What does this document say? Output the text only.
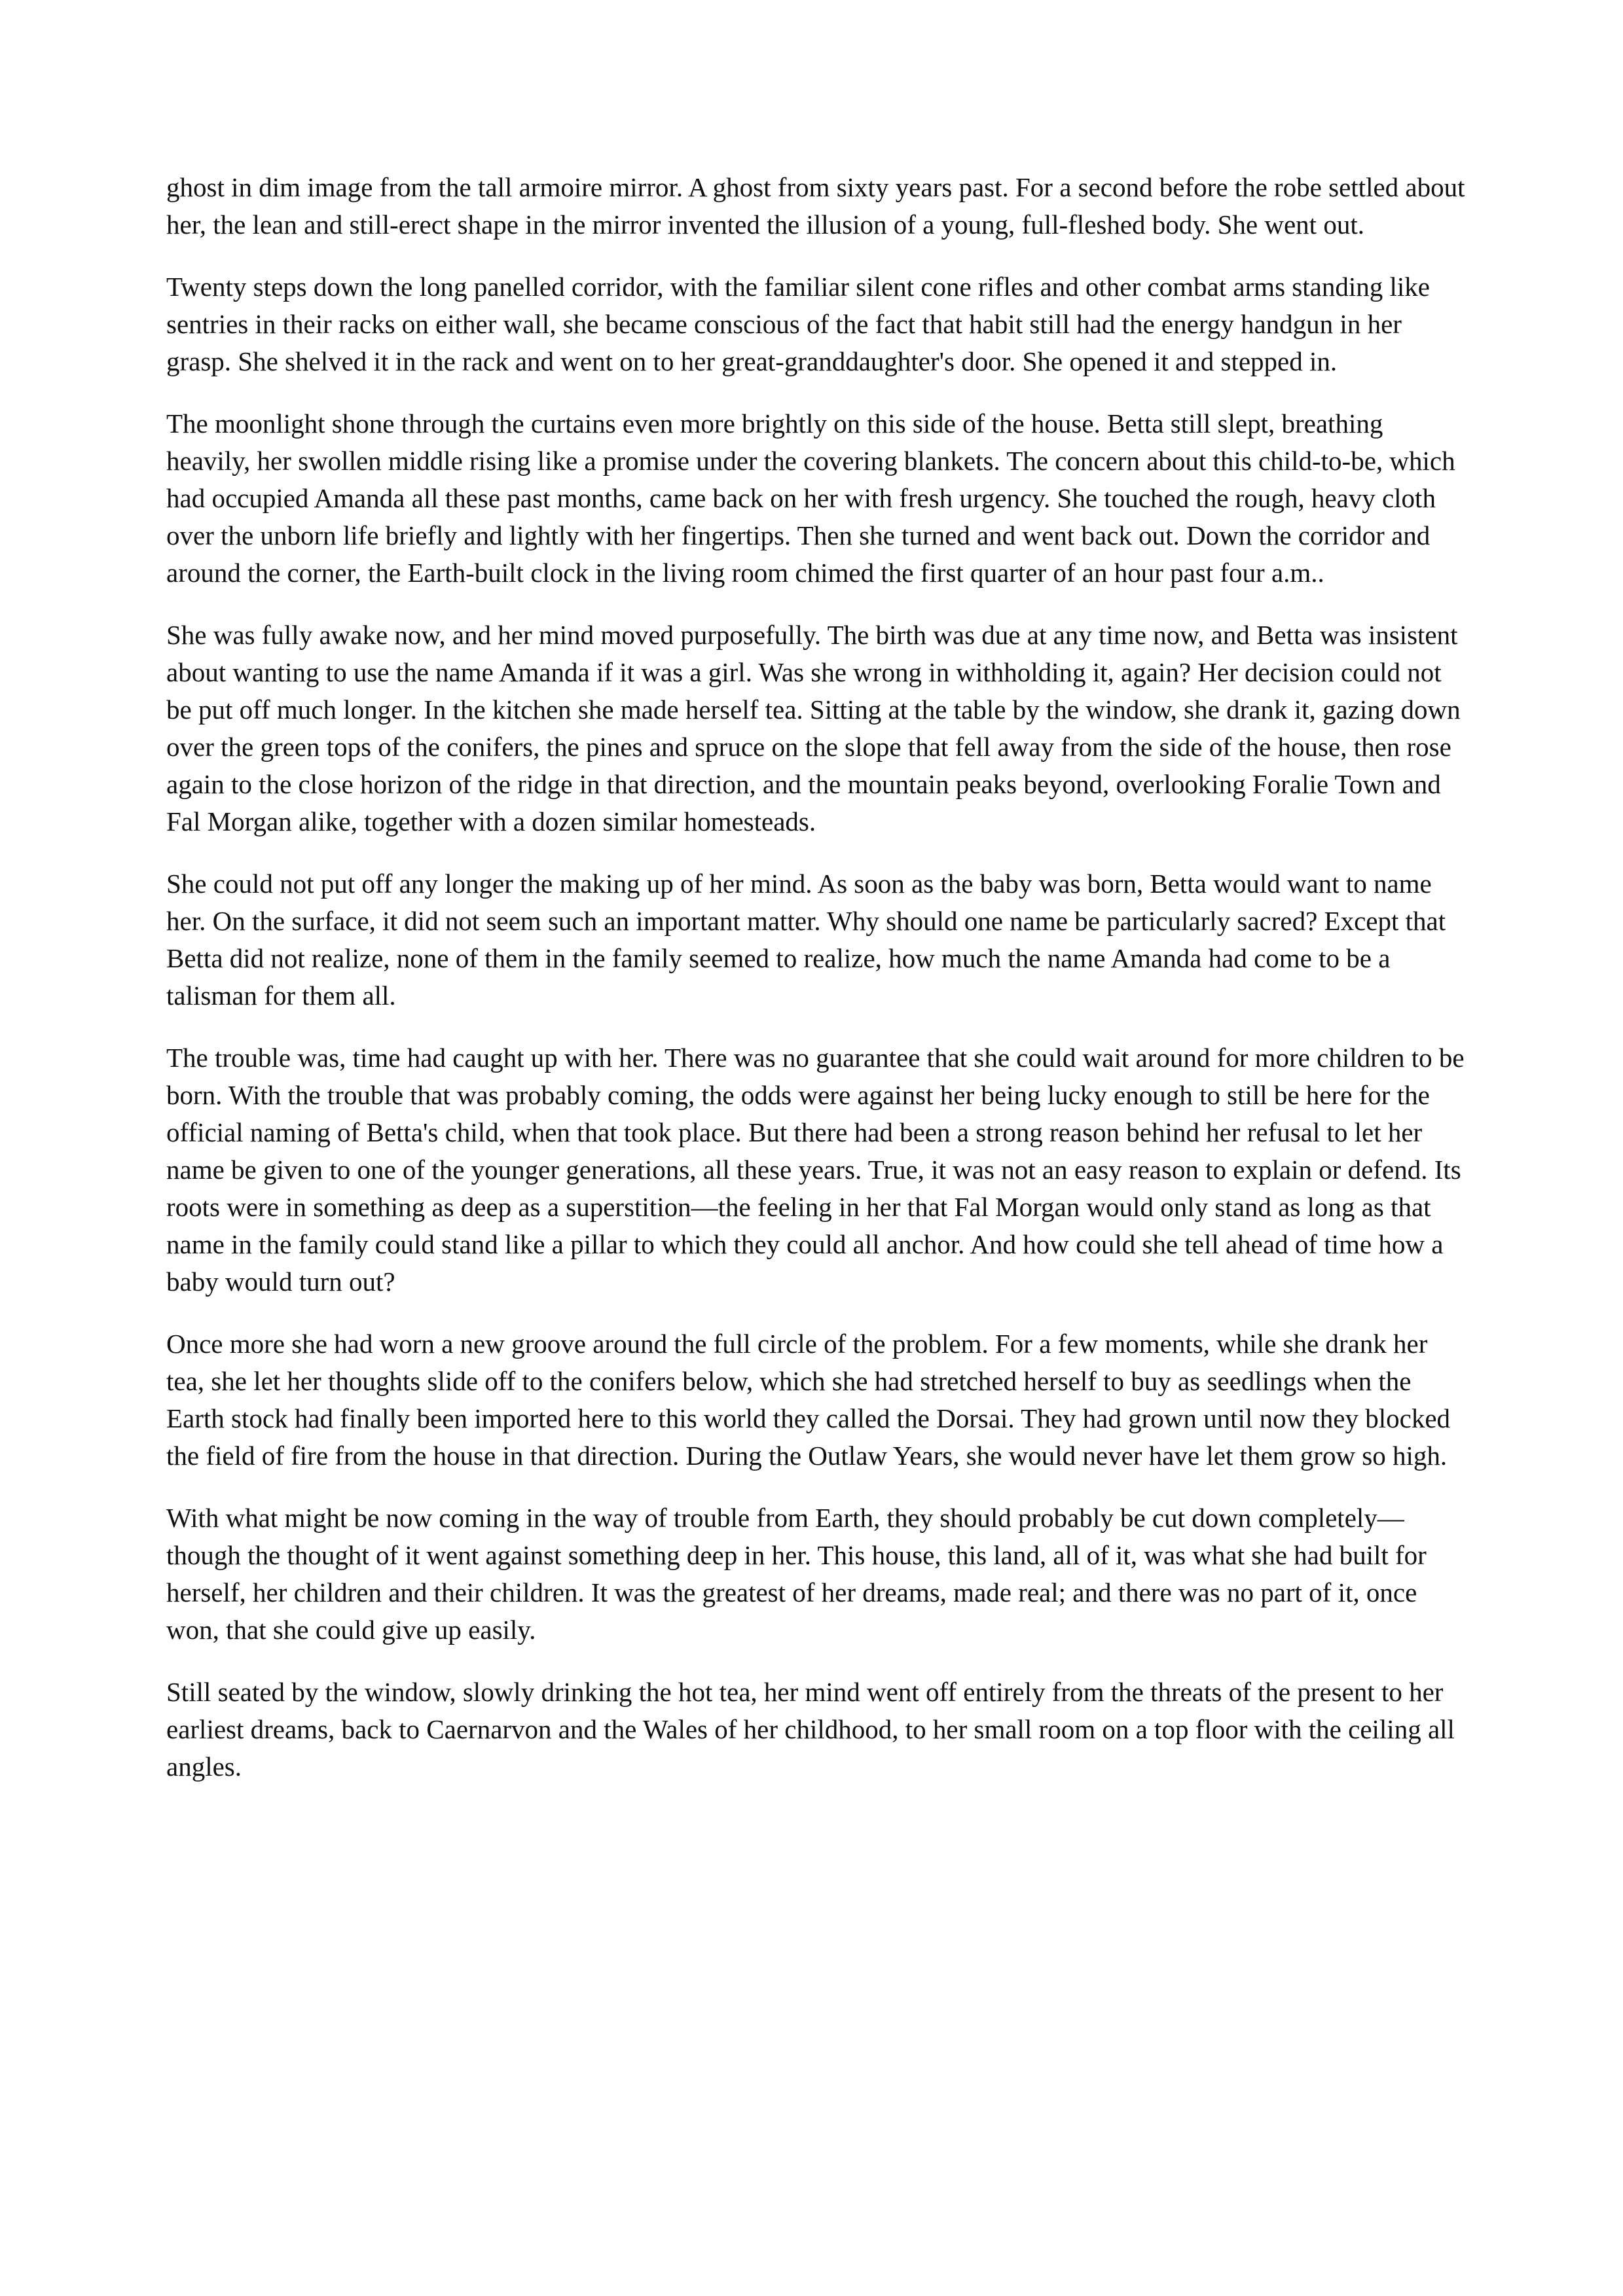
ghost in dim image from the tall armoire mirror. A ghost from sixty years past. For a second before the robe settled about her, the lean and still-erect shape in the mirror invented the illusion of a young, full-fleshed body. She went out.

Twenty steps down the long panelled corridor, with the familiar silent cone rifles and other combat arms standing like sentries in their racks on either wall, she became conscious of the fact that habit still had the energy handgun in her grasp. She shelved it in the rack and went on to her great-granddaughter's door. She opened it and stepped in.

The moonlight shone through the curtains even more brightly on this side of the house. Betta still slept, breathing heavily, her swollen middle rising like a promise under the covering blankets. The concern about this child-to-be, which had occupied Amanda all these past months, came back on her with fresh urgency. She touched the rough, heavy cloth over the unborn life briefly and lightly with her fingertips. Then she turned and went back out. Down the corridor and around the corner, the Earth-built clock in the living room chimed the first quarter of an hour past four a.m..

She was fully awake now, and her mind moved purposefully. The birth was due at any time now, and Betta was insistent about wanting to use the name Amanda if it was a girl. Was she wrong in withholding it, again? Her decision could not be put off much longer. In the kitchen she made herself tea. Sitting at the table by the window, she drank it, gazing down over the green tops of the conifers, the pines and spruce on the slope that fell away from the side of the house, then rose again to the close horizon of the ridge in that direction, and the mountain peaks beyond, overlooking Foralie Town and Fal Morgan alike, together with a dozen similar homesteads.

She could not put off any longer the making up of her mind. As soon as the baby was born, Betta would want to name her. On the surface, it did not seem such an important matter. Why should one name be particularly sacred? Except that Betta did not realize, none of them in the family seemed to realize, how much the name Amanda had come to be a talisman for them all.

The trouble was, time had caught up with her. There was no guarantee that she could wait around for more children to be born. With the trouble that was probably coming, the odds were against her being lucky enough to still be here for the official naming of Betta's child, when that took place. But there had been a strong reason behind her refusal to let her name be given to one of the younger generations, all these years. True, it was not an easy reason to explain or defend. Its roots were in something as deep as a superstition—the feeling in her that Fal Morgan would only stand as long as that name in the family could stand like a pillar to which they could all anchor. And how could she tell ahead of time how a baby would turn out?

Once more she had worn a new groove around the full circle of the problem. For a few moments, while she drank her tea, she let her thoughts slide off to the conifers below, which she had stretched herself to buy as seedlings when the Earth stock had finally been imported here to this world they called the Dorsai. They had grown until now they blocked the field of fire from the house in that direction. During the Outlaw Years, she would never have let them grow so high.

With what might be now coming in the way of trouble from Earth, they should probably be cut down completely— though the thought of it went against something deep in her. This house, this land, all of it, was what she had built for herself, her children and their children. It was the greatest of her dreams, made real; and there was no part of it, once won, that she could give up easily.

Still seated by the window, slowly drinking the hot tea, her mind went off entirely from the threats of the present to her earliest dreams, back to Caernarvon and the Wales of her childhood, to her small room on a top floor with the ceiling all angles.
